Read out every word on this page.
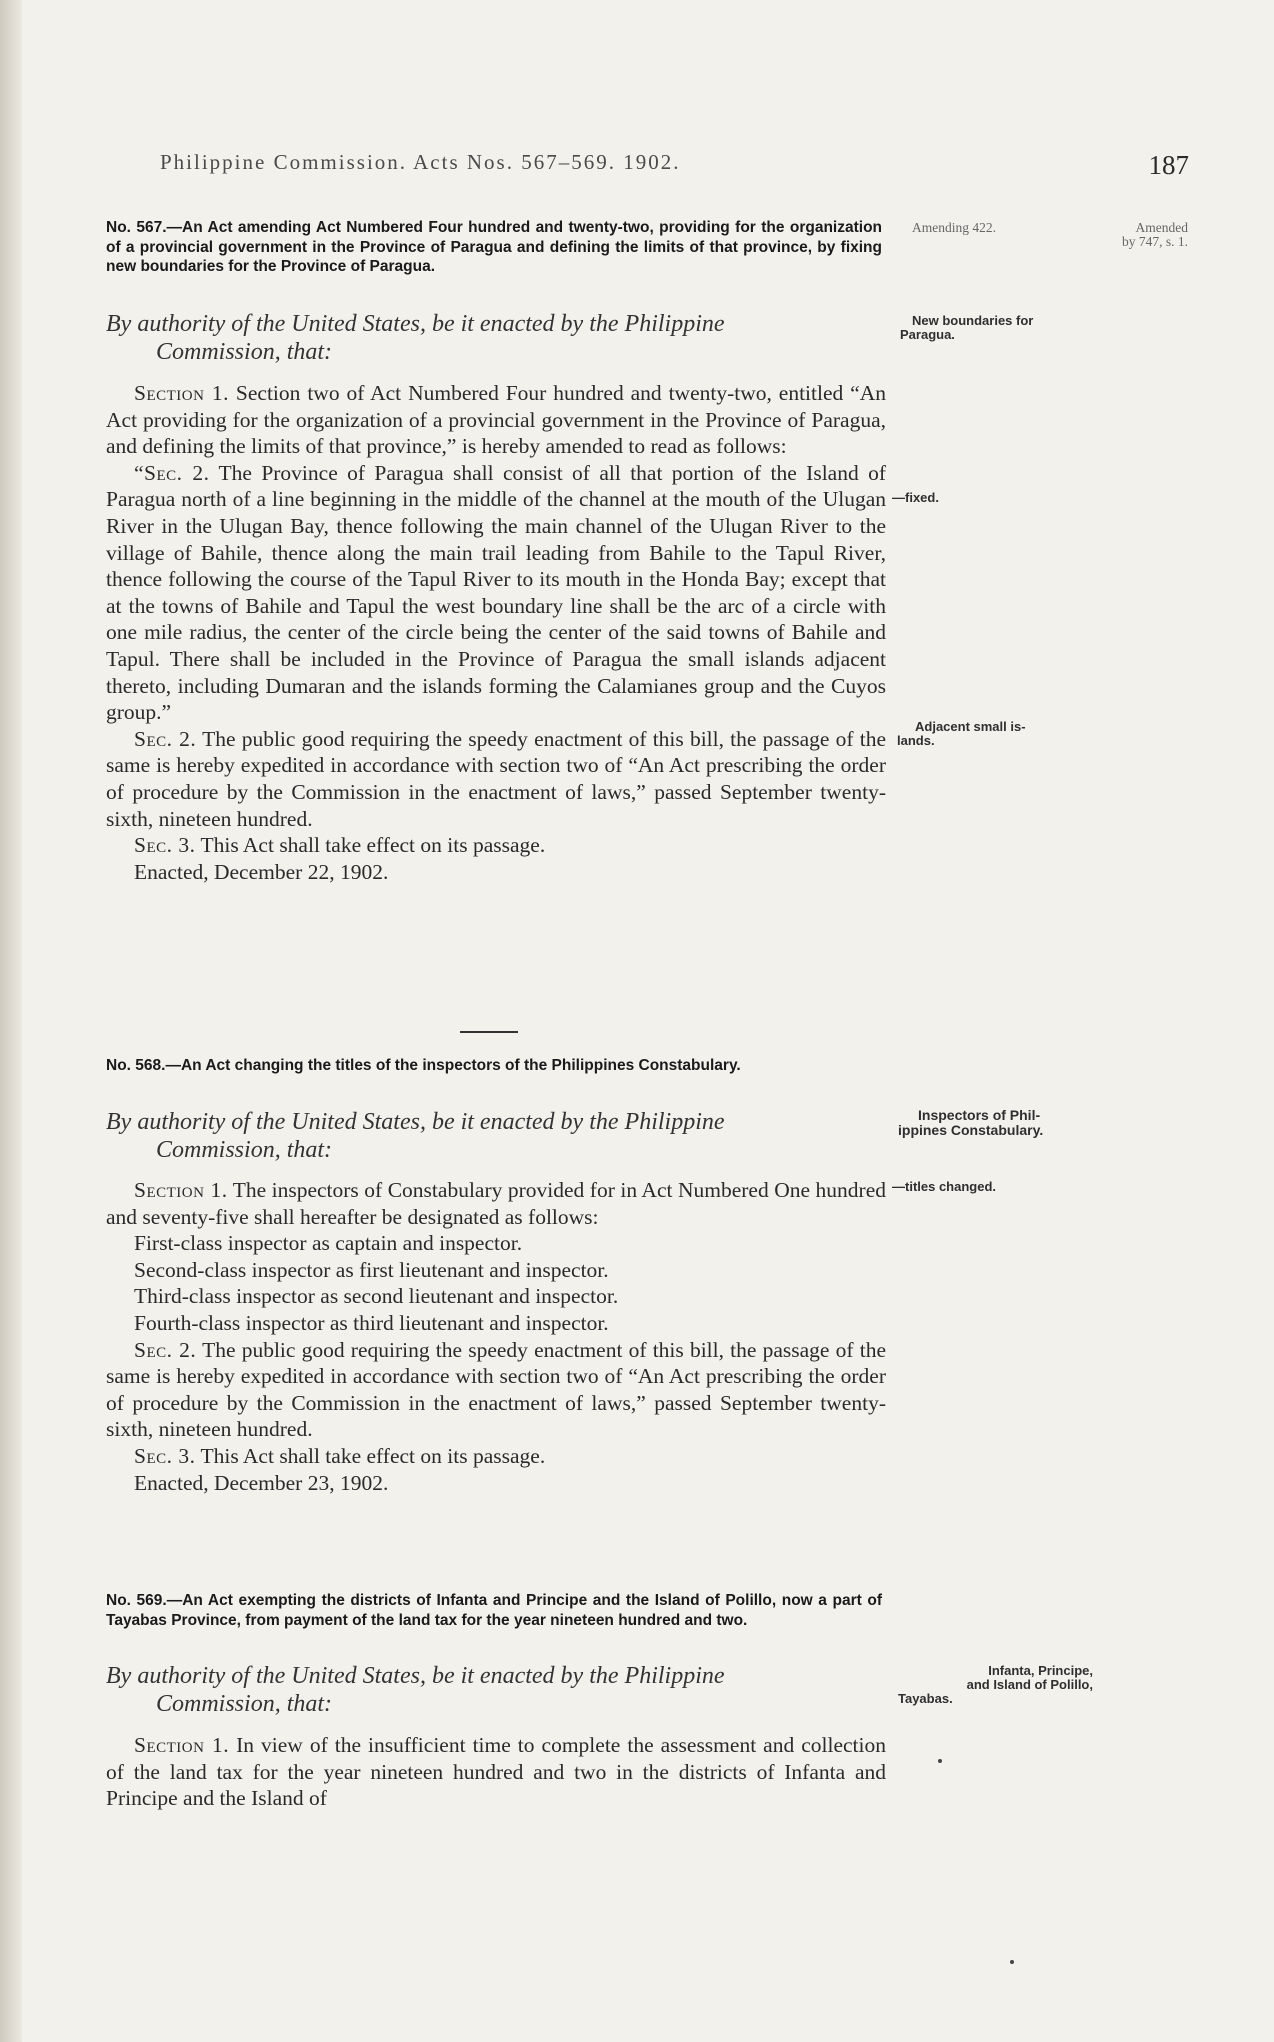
Philippine Commission. Acts Nos. 567–569. 1902.	187
No. 567.—An Act amending Act Numbered Four hundred and twenty-two, providing for the organization of a provincial government in the Province of Paragua and defining the limits of that province, by fixing new boundaries for the Province of Paragua.
By authority of the United States, be it enacted by the Philippine
Commission, that:

Section 1. Section two of Act Numbered Four hundred and twenty-two, entitled “An Act providing for the organization of a provincial government in the Province of Paragua, and defining the limits of that province,” is hereby amended to read as follows:

“Sec. 2. The Province of Paragua shall consist of all that portion of the Island of Paragua north of a line beginning in the middle of the channel at the mouth of the Ulugan River in the Ulugan Bay, thence following the main channel of the Ulugan River to the village of Bahile, thence along the main trail leading from Bahile to the Tapul River, thence following the course of the Tapul River to its mouth in the Honda Bay; except that at the towns of Bahile and Tapul the west boundary line shall be the arc of a circle with one mile radius, the center of the circle being the center of the said towns of Bahile and Tapul. There shall be included in the Province of Paragua the small islands adjacent thereto, including Dumaran and the islands forming the Calamianes group and the Cuyos group.”

Sec. 2. The public good requiring the speedy enactment of this bill, the passage of the same is hereby expedited in accordance with section two of “An Act prescribing the order of procedure by the Commission in the enactment of laws,” passed September twenty-sixth, nineteen hundred.

Sec. 3. This Act shall take effect on its passage.

Enacted, December 22, 1902.

Amending 422.	Amended
by 747, s. 1.
New boundaries for
Paragua.
—fixed.
Adjacent small is-
lands.
No. 568.—An Act changing the titles of the inspectors of the Philippines Constabulary.
By authority of the United States, be it enacted by the Philippine
Commission, that:

Section 1. The inspectors of Constabulary provided for in Act Numbered One hundred and seventy-five shall hereafter be designated as follows:

First-class inspector as captain and inspector.
Second-class inspector as first lieutenant and inspector.
Third-class inspector as second lieutenant and inspector.
Fourth-class inspector as third lieutenant and inspector.

Sec. 2. The public good requiring the speedy enactment of this bill, the passage of the same is hereby expedited in accordance with section two of “An Act prescribing the order of procedure by the Commission in the enactment of laws,” passed September twenty-sixth, nineteen hundred.

Sec. 3. This Act shall take effect on its passage.

Enacted, December 23, 1902.

Inspectors of Phil-
ippines Constabulary.
—titles changed.
No. 569.—An Act exempting the districts of Infanta and Principe and the Island of Polillo, now a part of Tayabas Province, from payment of the land tax for the year nineteen hundred and two.
By authority of the United States, be it enacted by the Philippine
Commission, that:

Section 1. In view of the insufficient time to complete the assessment and collection of the land tax for the year nineteen hundred and two in the districts of Infanta and Principe and the Island of

Infanta, Principe,
and Island of Polillo,
Tayabas.
